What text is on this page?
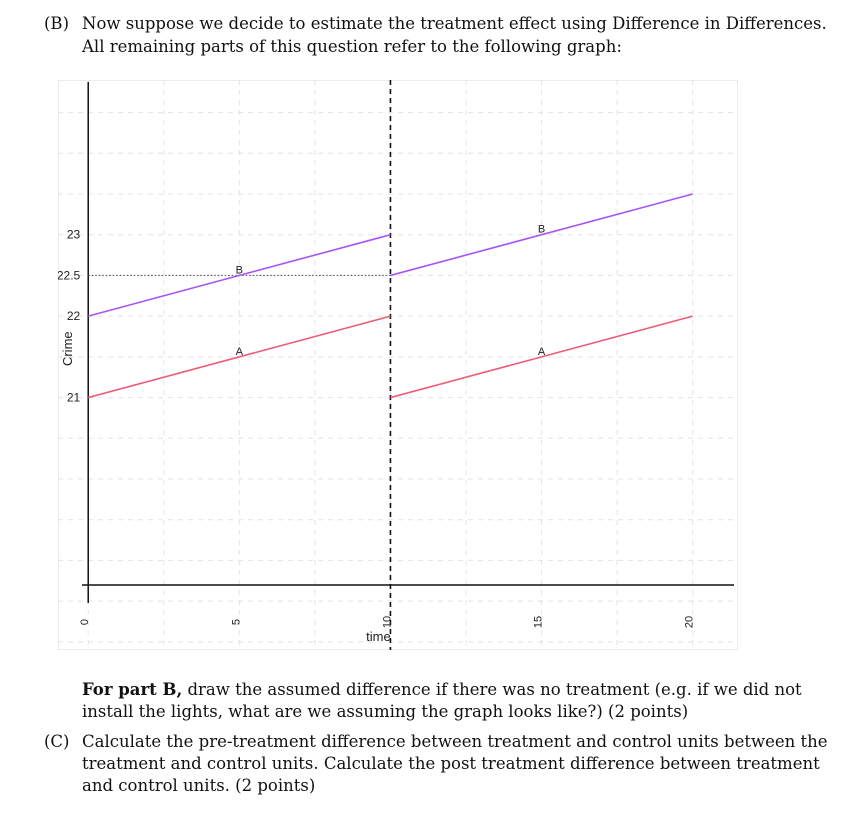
(B) Now suppose we decide to estimate the treatment effect using Difference in Differences.
All remaining parts of this question refer to the following graph:
B
B
A	A
0	5	10	15	20
21
22
22.5
23
time
Crime
For part B, draw the assumed difference if there was no treatment (e.g. if we did not
install the lights, what are we assuming the graph looks like?) (2 points)
(C) Calculate the pre-treatment difference between treatment and control units between the
treatment and control units. Calculate the post treatment difference between treatment
and control units. (2 points)
